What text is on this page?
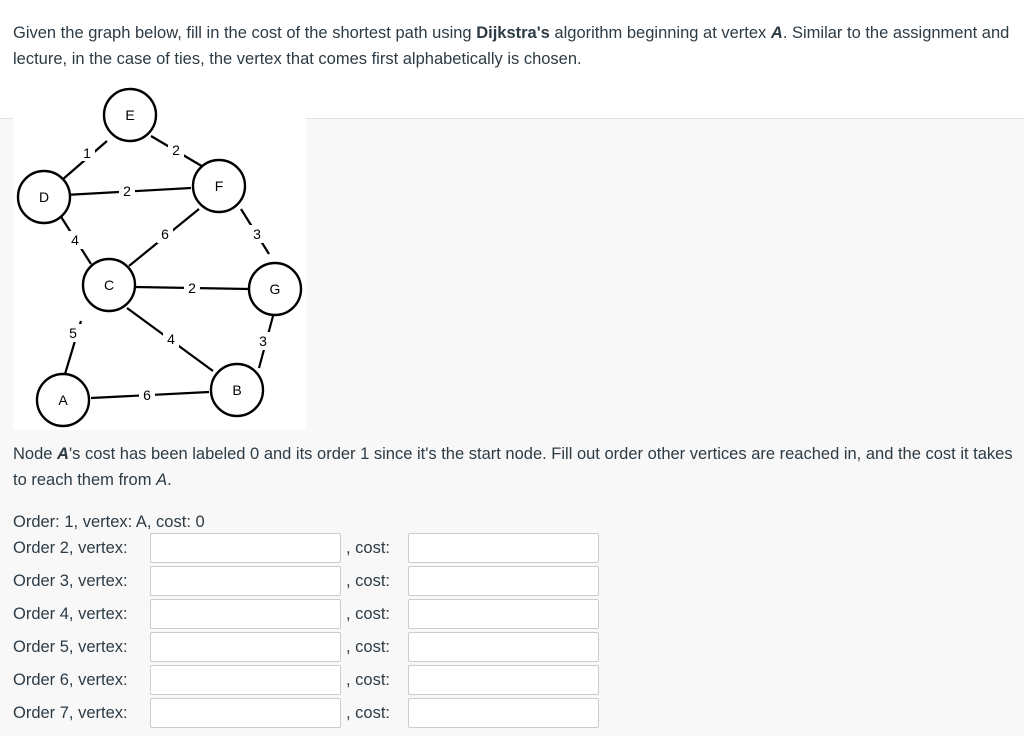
Given the graph below, fill in the cost of the shortest path using Dijkstra's algorithm beginning at vertex A. Similar to the assignment and lecture, in the case of ties, the vertex that comes first alphabetically is chosen.

1	2
2
4	6	3
2
5	4	3
6
E
D
F
C	G
A
B

Node A's cost has been labeled 0 and its order 1 since it's the start node. Fill out order other vertices are reached in, and the cost it takes to reach them from A.

Order: 1, vertex: A, cost: 0
Order 2, vertex:	, cost:
Order 3, vertex:	, cost:
Order 4, vertex:	, cost:
Order 5, vertex:	, cost:
Order 6, vertex:	, cost:
Order 7, vertex:	, cost:
